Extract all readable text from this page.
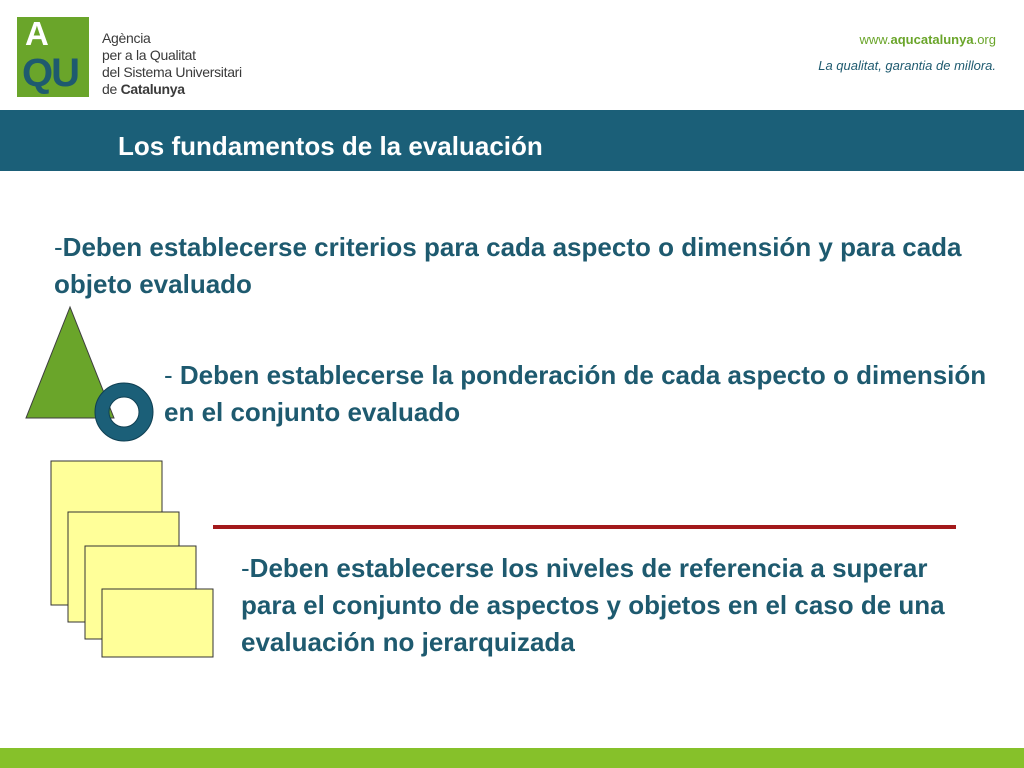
A
QU
Agència
per a la Qualitat
del Sistema Universitari
de Catalunya
www.aqucatalunya.org
La qualitat, garantia de millora.
Los fundamentos de la evaluación
-Deben establecerse criterios para cada aspecto o dimensión y para cada objeto evaluado
- Deben establecerse la ponderación de cada aspecto o dimensión en el conjunto evaluado
-Deben establecerse los niveles de referencia a superar para el conjunto de aspectos y objetos en el caso de una evaluación no jerarquizada
